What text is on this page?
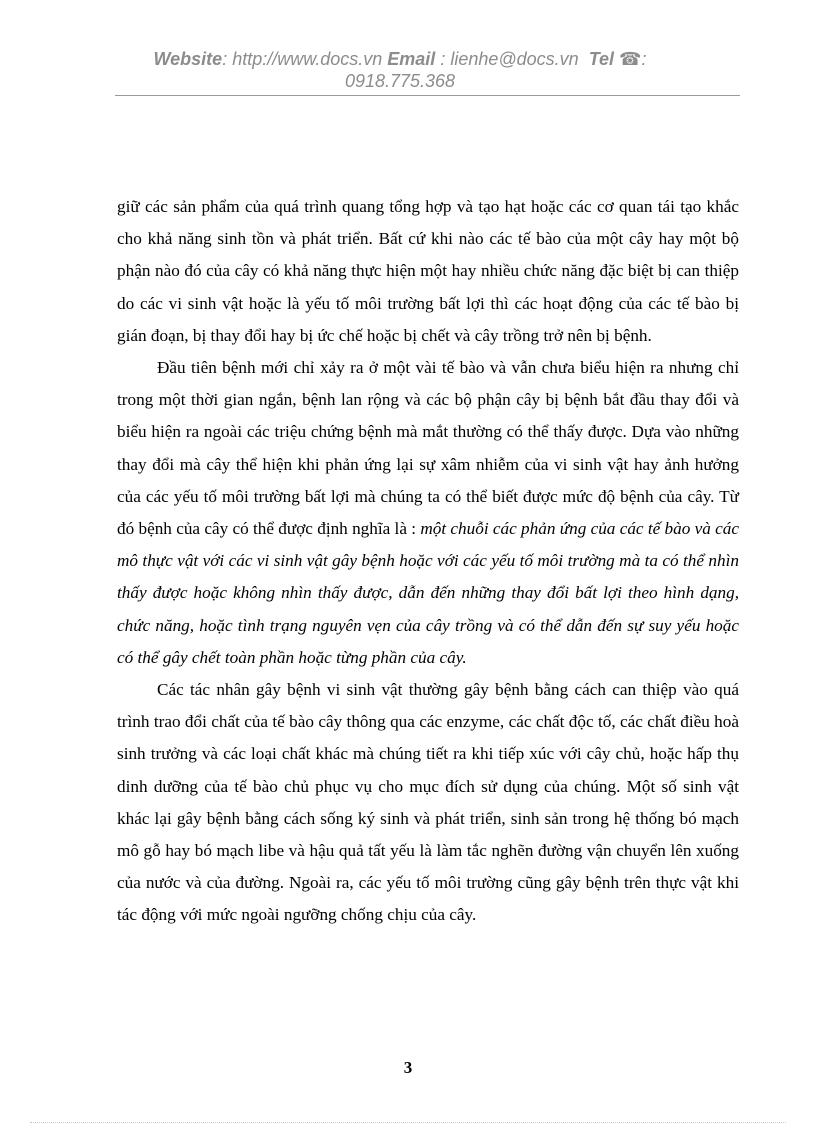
Website: http://www.docs.vn Email : lienhe@docs.vn Tel ☎:
0918.775.368

giữ các sản phẩm của quá trình quang tổng hợp và tạo hạt hoặc các cơ quan tái tạo khắc cho khả năng sinh tồn và phát triển. Bất cứ khi nào các tế bào của một cây hay một bộ phận nào đó của cây có khả năng thực hiện một hay nhiều chức năng đặc biệt bị can thiệp do các vi sinh vật hoặc là yếu tố môi trường bất lợi thì các hoạt động của các tế bào bị gián đoạn, bị thay đổi hay bị ức chế hoặc bị chết và cây trồng trở nên bị bệnh.

Đầu tiên bệnh mới chỉ xảy ra ở một vài tế bào và vẫn chưa biểu hiện ra nhưng chỉ trong một thời gian ngắn, bệnh lan rộng và các bộ phận cây bị bệnh bắt đầu thay đổi và biểu hiện ra ngoài các triệu chứng bệnh mà mắt thường có thể thấy được. Dựa vào những thay đổi mà cây thể hiện khi phản ứng lại sự xâm nhiễm của vi sinh vật hay ảnh hưởng của các yếu tố môi trường bất lợi mà chúng ta có thể biết được mức độ bệnh của cây. Từ đó bệnh của cây có thể được định nghĩa là : một chuỗi các phản ứng của các tế bào và các mô thực vật với các vi sinh vật gây bệnh hoặc với các yếu tố môi trường mà ta có thể nhìn thấy được hoặc không nhìn thấy được, dẫn đến những thay đổi bất lợi theo hình dạng, chức năng, hoặc tình trạng nguyên vẹn của cây trồng và có thể dẫn đến sự suy yếu hoặc có thể gây chết toàn phần hoặc từng phần của cây.

Các tác nhân gây bệnh vi sinh vật thường gây bệnh bằng cách can thiệp vào quá trình trao đổi chất của tế bào cây thông qua các enzyme, các chất độc tố, các chất điều hoà sinh trưởng và các loại chất khác mà chúng tiết ra khi tiếp xúc với cây chủ, hoặc hấp thụ dinh dưỡng của tế bào chủ phục vụ cho mục đích sử dụng của chúng. Một số sinh vật khác lại gây bệnh bằng cách sống ký sinh và phát triển, sinh sản trong hệ thống bó mạch mô gỗ hay bó mạch libe và hậu quả tất yếu là làm tắc nghẽn đường vận chuyển lên xuống của nước và của đường. Ngoài ra, các yếu tố môi trường cũng gây bệnh trên thực vật khi tác động với mức ngoài ngưỡng chống chịu của cây.

3
